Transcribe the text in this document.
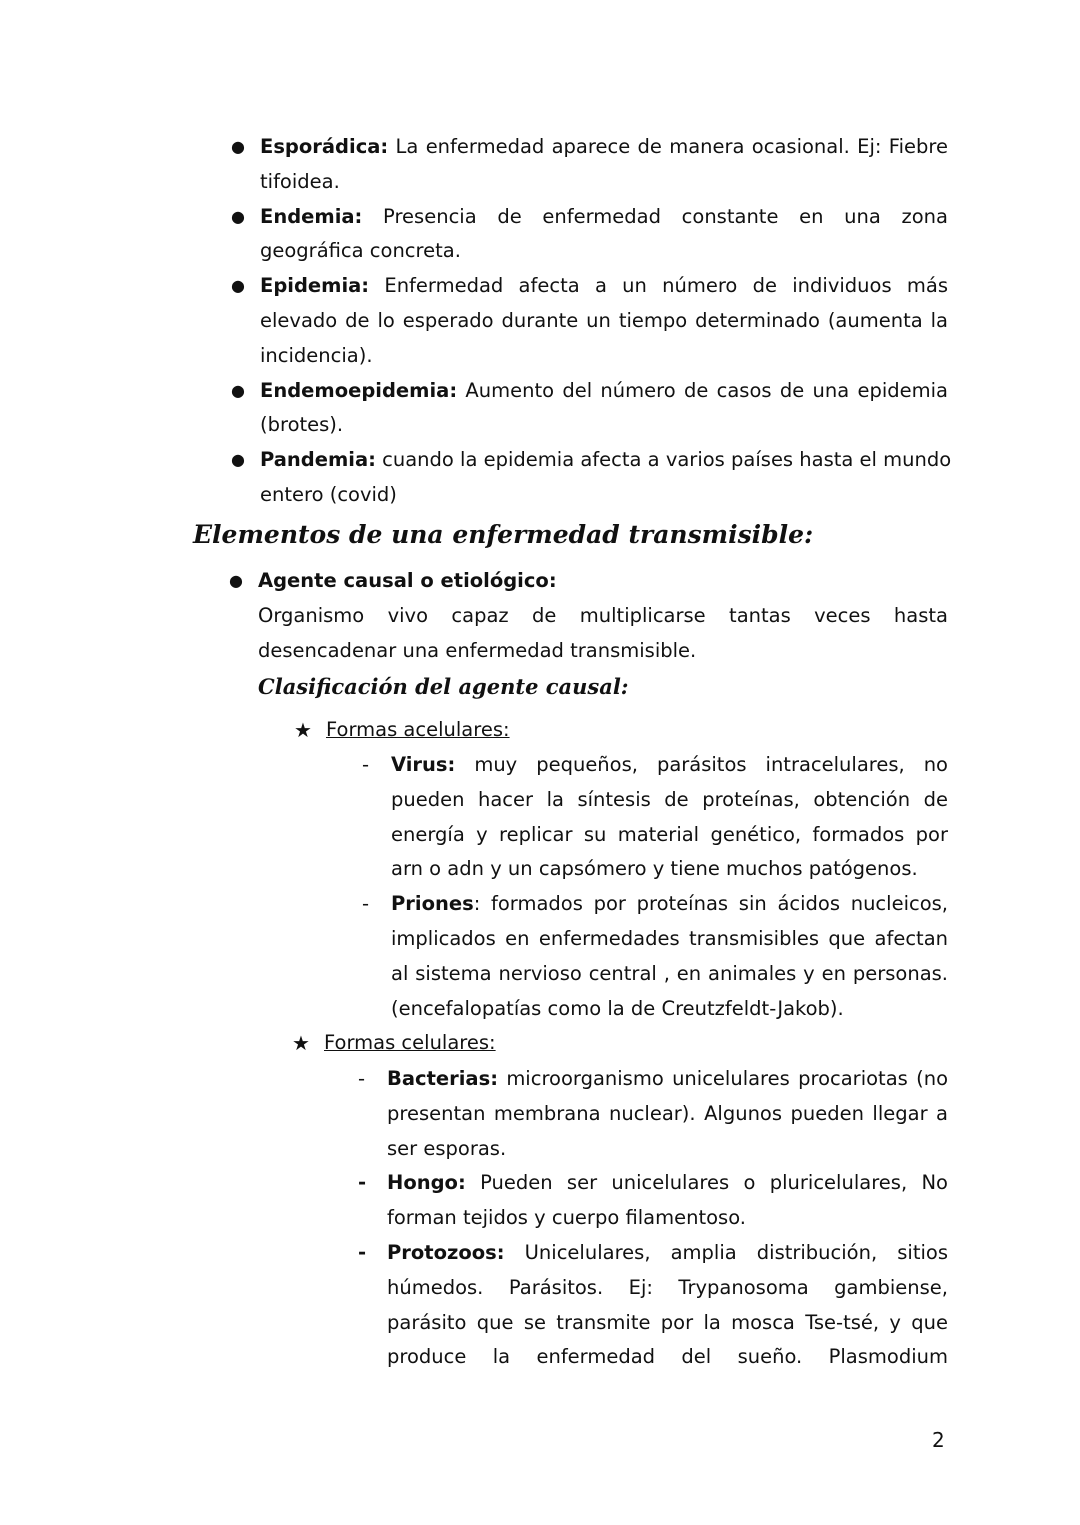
● Esporádica: La enfermedad aparece de manera ocasional. Ej: Fiebre
tifoidea.
● Endemia: Presencia de enfermedad constante en una zona
geográfica concreta.
● Epidemia: Enfermedad afecta a un número de individuos más
elevado de lo esperado durante un tiempo determinado (aumenta la
incidencia).
● Endemoepidemia: Aumento del número de casos de una epidemia
(brotes).
● Pandemia: cuando la epidemia afecta a varios países hasta el mundo
entero (covid)
Elementos de una enfermedad transmisible:
● Agente causal o etiológico:
Organismo vivo capaz de multiplicarse tantas veces hasta
desencadenar una enfermedad transmisible.
Clasificación del agente causal:
★ Formas acelulares:
- Virus: muy pequeños, parásitos intracelulares, no
pueden hacer la síntesis de proteínas, obtención de
energía y replicar su material genético, formados por
arn o adn y un capsómero y tiene muchos patógenos.
- Priones: formados por proteínas sin ácidos nucleicos,
implicados en enfermedades transmisibles que afectan
al sistema nervioso central , en animales y en personas.
(encefalopatías como la de Creutzfeldt-Jakob).
★ Formas celulares:
- Bacterias: microorganismo unicelulares procariotas (no
presentan membrana nuclear). Algunos pueden llegar a
ser esporas.
- Hongo: Pueden ser unicelulares o pluricelulares, No
forman tejidos y cuerpo filamentoso.
- Protozoos: Unicelulares, amplia distribución, sitios
húmedos. Parásitos. Ej: Trypanosoma gambiense,
parásito que se transmite por la mosca Tse-tsé, y que
produce la enfermedad del sueño. Plasmodium
2
